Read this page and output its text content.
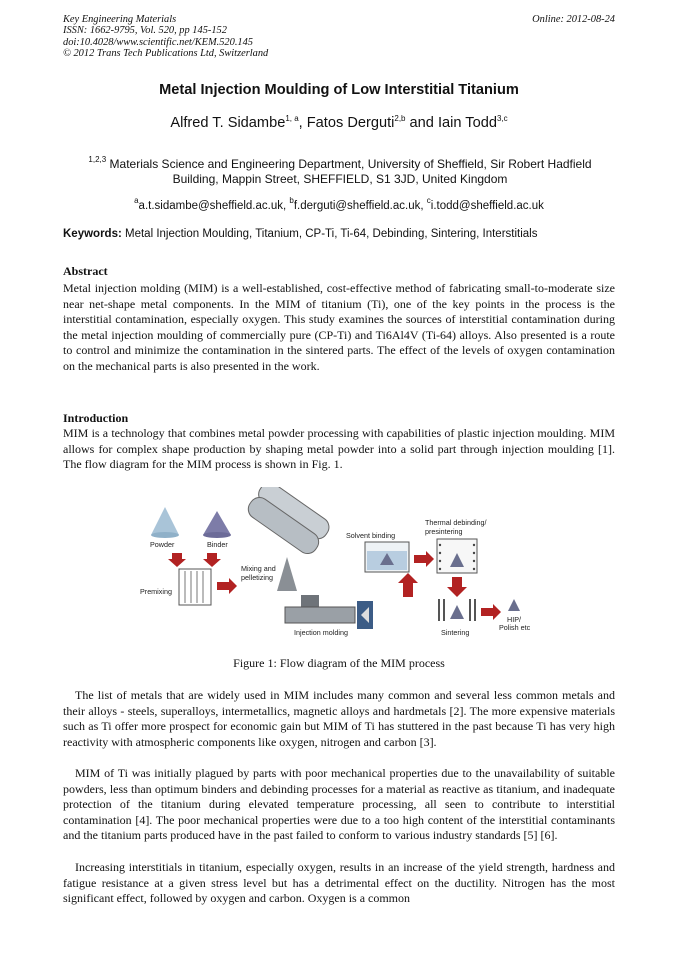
Key Engineering Materials
ISSN: 1662-9795, Vol. 520, pp 145-152
doi:10.4028/www.scientific.net/KEM.520.145
© 2012 Trans Tech Publications Ltd, Switzerland
Online: 2012-08-24
Metal Injection Moulding of Low Interstitial Titanium
Alfred T. Sidambe$^{1, a}$, Fatos Derguti$^{2,b}$ and Iain Todd$^{3,c}$
$^{1,2,3}$ Materials Science and Engineering Department, University of Sheffield, Sir Robert Hadfield Building, Mappin Street, SHEFFIELD, S1 3JD, United Kingdom
$^a$a.t.sidambe@sheffield.ac.uk, $^b$f.derguti@sheffield.ac.uk, $^c$i.todd@sheffield.ac.uk
Keywords: Metal Injection Moulding, Titanium, CP-Ti, Ti-64, Debinding, Sintering, Interstitials
Abstract
Metal injection molding (MIM) is a well-established, cost-effective method of fabricating small-to-moderate size near net-shape metal components. In the MIM of titanium (Ti), one of the key points in the process is the interstitial contamination, especially oxygen. This study examines the sources of interstitial contamination during the metal injection moulding of commercially pure (CP-Ti) and Ti6Al4V (Ti-64) alloys. Also presented is a route to control and minimize the contamination in the sintered parts. The effect of the levels of oxygen contamination on the mechanical parts is also presented in the work.
Introduction
MIM is a technology that combines metal powder processing with capabilities of plastic injection moulding. MIM allows for complex shape production by shaping metal powder into a solid part through injection moulding [1]. The flow diagram for the MIM process is shown in Fig. 1.
Powder	Binder
Premixing
Mixing and
pelletizing
Injection molding
Solvent binding
Thermal debinding/
presintering
Sintering
HIP/
Polish etc
Figure 1: Flow diagram of the MIM process
The list of metals that are widely used in MIM includes many common and several less common metals and their alloys - steels, superalloys, intermetallics, magnetic alloys and hardmetals [2]. The more expensive materials such as Ti offer more prospect for economic gain but MIM of Ti has stuttered in the past because Ti has very high reactivity with atmospheric components like oxygen, nitrogen and carbon [3].
MIM of Ti was initially plagued by parts with poor mechanical properties due to the unavailability of suitable powders, less than optimum binders and debinding processes for a material as reactive as titanium, and inadequate protection of the titanium during elevated temperature processing, all seen to contribute to interstitial contamination [4]. The poor mechanical properties were due to a too high content of the interstitial contaminants and the titanium parts produced have in the past failed to conform to various industry standards [5] [6].
Increasing interstitials in titanium, especially oxygen, results in an increase of the yield strength, hardness and fatigue resistance at a given stress level but has a detrimental effect on the ductility. Nitrogen has the most significant effect, followed by oxygen and carbon. Oxygen is a common
